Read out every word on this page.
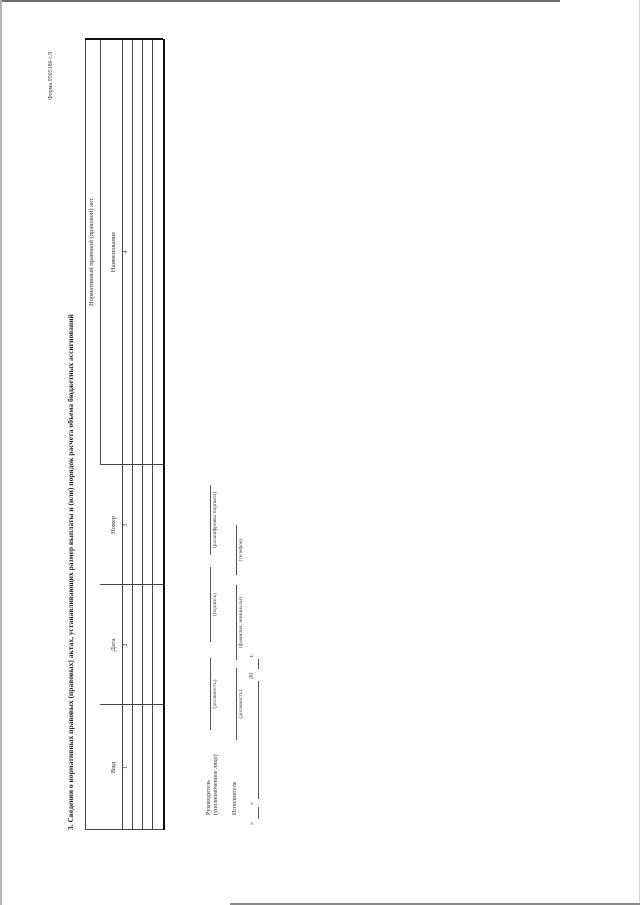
Форма 0505186 с.9
3. Сведения о нормативных правовых (правовых) актах, устанавливающих размер выплаты и (или) порядок расчета объема бюджетных ассигнований
Нормативный правовой (правовой) акт
Вид
Дата
Номер
Наименование
1
2
3
4
Руководитель (уполномоченное лицо)
(должность)
(подпись)
(расшифровка подписи)
Исполнитель
(должность)
(фамилия, инициалы)
(телефон)
«
»
20
г.
